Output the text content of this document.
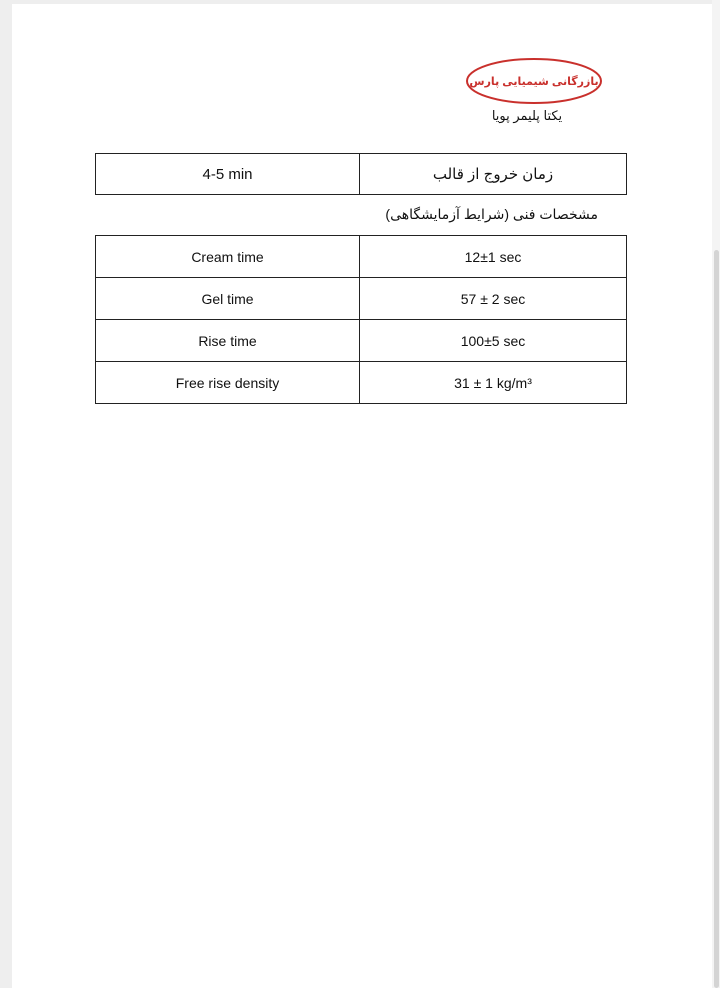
بازرگانی شیمیایی پارس
یکتا پلیمر پویا
4-5 min	زمان خروج از قالب
مشخصات فنی (شرایط آزمایشگاهی)
Cream time	12±1 sec
Gel time	57 ± 2 sec
Rise time	100±5 sec
Free rise density	31 ± 1 kg/m³
